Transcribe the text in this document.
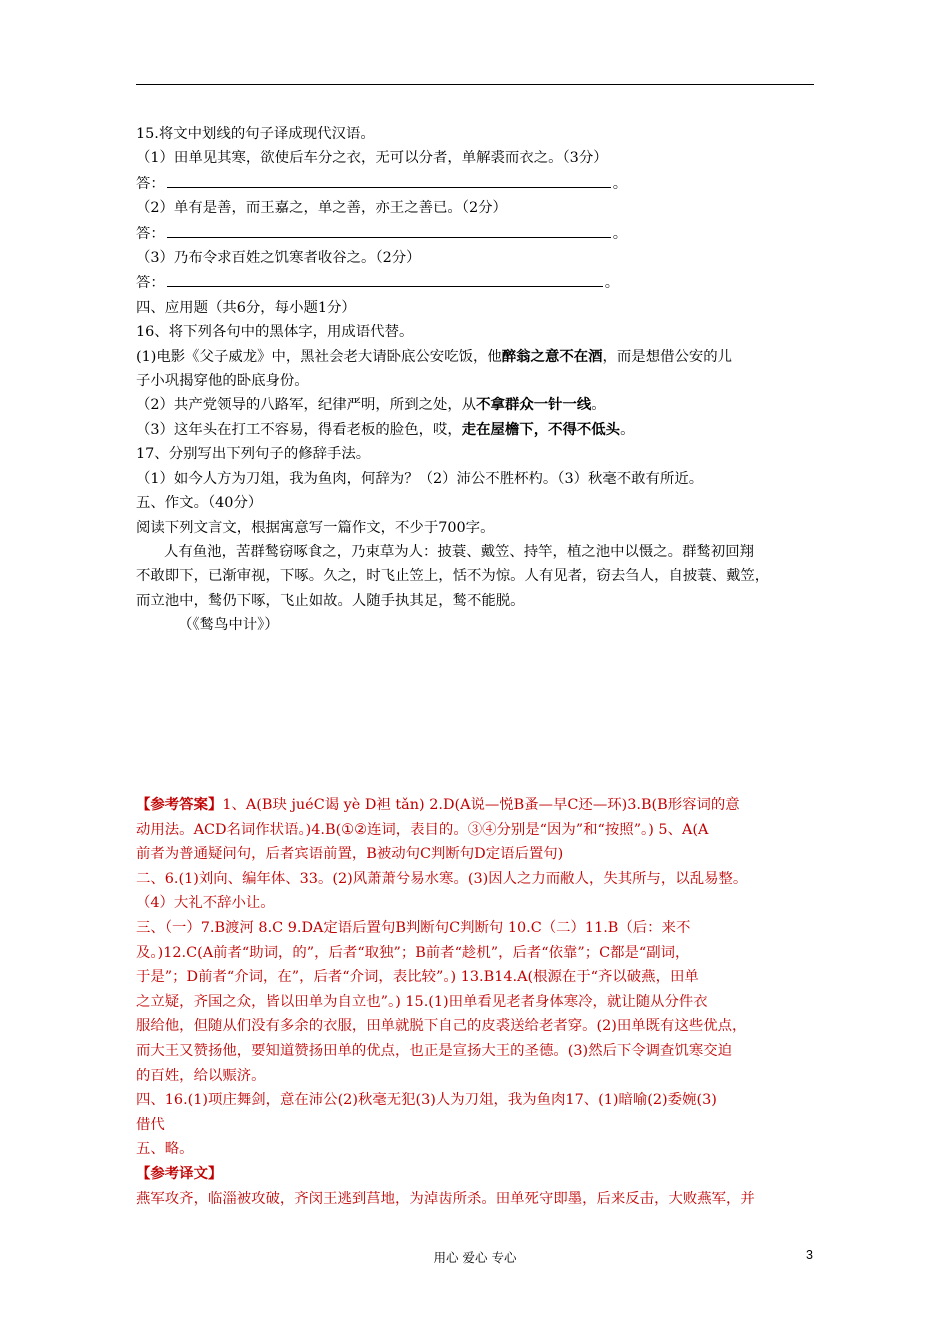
15.将文中划线的句子译成现代汉语。
（1）田单见其寒，欲使后车分之衣，无可以分者，单解裘而衣之。（3分）
答：	。
（2）单有是善，而王嘉之，单之善，亦王之善已。（2分）
答：	。
（3）乃布令求百姓之饥寒者收谷之。（2分）
答：	。
四、应用题（共6分，每小题1分）
16、将下列各句中的黑体字，用成语代替。
(1)电影《父子威龙》中，黑社会老大请卧底公安吃饭，他醉翁之意不在酒，而是想借公安的儿
子小巩揭穿他的卧底身份。
（2）共产党领导的八路军，纪律严明，所到之处，从不拿群众一针一线。
（3）这年头在打工不容易，得看老板的脸色，哎，走在屋檐下，不得不低头。
17、分别写出下列句子的修辞手法。
（1）如今人方为刀俎，我为鱼肉，何辞为？（2）沛公不胜杯杓。（3）秋毫不敢有所近。
五、作文。（40分）
阅读下列文言文，根据寓意写一篇作文，不少于700字。
人有鱼池，苦群鹙窃啄食之，乃束草为人：披蓑、戴笠、持竿，植之池中以慑之。群鹙初回翔
不敢即下，已渐审视，下啄。久之，时飞止笠上，恬不为惊。人有见者，窃去刍人，自披蓑、戴笠，
而立池中，鹙仍下啄，飞止如故。人随手执其足，鹙不能脱。
（《鹙鸟中计》）
【参考答案】1、A(B玦 juéC谒 yè D袒 tǎn) 2.D(A说—悦B蚤—早C还—环)3.B(B形容词的意
动用法。ACD名词作状语。)4.B(①②连词，表目的。③④分别是“因为”和“按照”。) 5、A(A
前者为普通疑问句，后者宾语前置，B被动句C判断句D定语后置句)
二、6.(1)刘向、编年体、33。(2)风萧萧兮易水寒。(3)因人之力而敝人，失其所与，以乱易整。
（4）大礼不辞小让。
三、（一）7.B渡河 8.C 9.DA定语后置句B判断句C判断句 10.C（二）11.B（后：来不
及。)12.C(A前者“助词，的”，后者“取独”；B前者“趁机”，后者“依靠”；C都是“副词，
于是”；D前者“介词，在”，后者“介词，表比较”。) 13.B14.A(根源在于“齐以破燕，田单
之立疑，齐国之众，皆以田单为自立也”。) 15.(1)田单看见老者身体寒冷，就让随从分件衣
服给他，但随从们没有多余的衣服，田单就脱下自己的皮裘送给老者穿。(2)田单既有这些优点，
而大王又赞扬他，要知道赞扬田单的优点，也正是宣扬大王的圣德。(3)然后下令调查饥寒交迫
的百姓，给以赈济。
四、16.(1)项庄舞剑，意在沛公(2)秋毫无犯(3)人为刀俎，我为鱼肉17、(1)暗喻(2)委婉(3)
借代
五、略。
【参考译文】
燕军攻齐，临淄被攻破，齐闵王逃到莒地，为淖齿所杀。田单死守即墨，后来反击，大败燕军，并
用心 爱心 专心	3
